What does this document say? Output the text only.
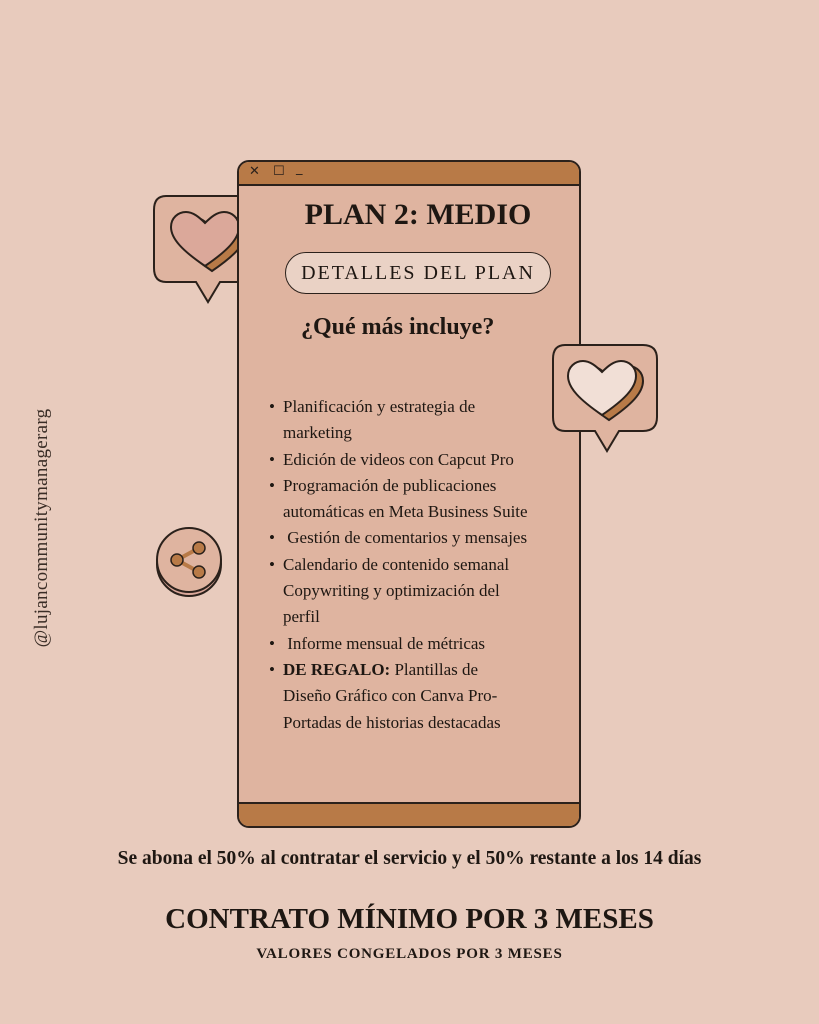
@lujancommunitymanagerarg
✕ ☐ _
PLAN 2: MEDIO
DETALLES DEL PLAN
¿Qué más incluye?
• Planificación y estrategia de
marketing
• Edición de videos con Capcut Pro
• Programación de publicaciones
automáticas en Meta Business Suite
•  Gestión de comentarios y mensajes
• Calendario de contenido semanal
Copywriting y optimización del
perfil
•  Informe mensual de métricas
• DE REGALO: Plantillas de
Diseño Gráfico con Canva Pro-
Portadas de historias destacadas
Se abona el 50% al contratar el servicio y el 50% restante a los 14 días
CONTRATO MÍNIMO POR 3 MESES
VALORES CONGELADOS POR 3 MESES
